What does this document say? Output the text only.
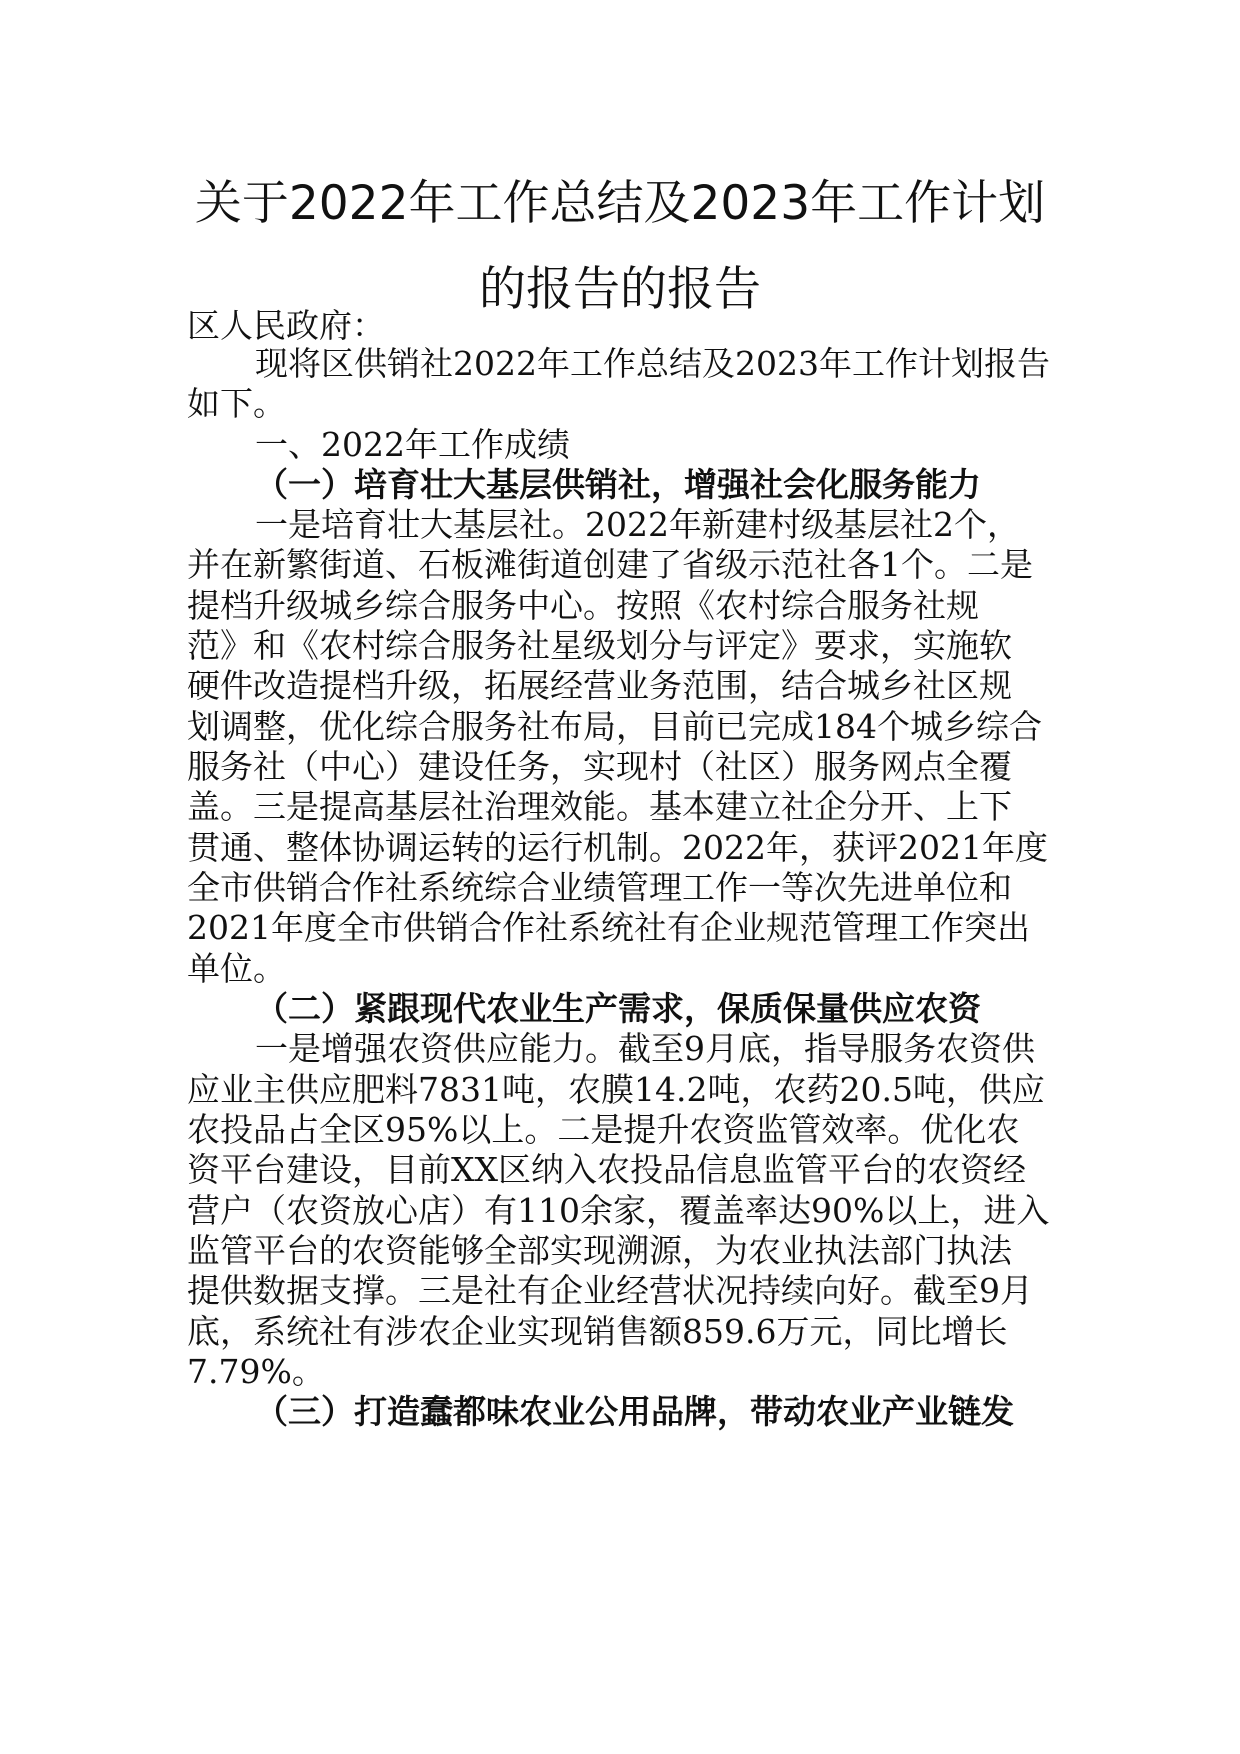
关于2022年工作总结及2023年工作计划
的报告的报告
区人民政府：
现将区供销社2022年工作总结及2023年工作计划报告
如下。
一、2022年工作成绩
（一）培育壮大基层供销社，增强社会化服务能力
一是培育壮大基层社。2022年新建村级基层社2个，
并在新繁街道、石板滩街道创建了省级示范社各1个。二是
提档升级城乡综合服务中心。按照《农村综合服务社规
范》和《农村综合服务社星级划分与评定》要求，实施软
硬件改造提档升级，拓展经营业务范围，结合城乡社区规
划调整，优化综合服务社布局，目前已完成184个城乡综合
服务社（中心）建设任务，实现村（社区）服务网点全覆
盖。三是提高基层社治理效能。基本建立社企分开、上下
贯通、整体协调运转的运行机制。2022年，获评2021年度
全市供销合作社系统综合业绩管理工作一等次先进单位和
2021年度全市供销合作社系统社有企业规范管理工作突出
单位。
（二）紧跟现代农业生产需求，保质保量供应农资
一是增强农资供应能力。截至9月底，指导服务农资供
应业主供应肥料7831吨，农膜14.2吨，农药20.5吨，供应
农投品占全区95%以上。二是提升农资监管效率。优化农
资平台建设，目前XX区纳入农投品信息监管平台的农资经
营户（农资放心店）有110余家，覆盖率达90%以上，进入
监管平台的农资能够全部实现溯源，为农业执法部门执法
提供数据支撑。三是社有企业经营状况持续向好。截至9月
底，系统社有涉农企业实现销售额859.6万元，同比增长
7.79%。
（三）打造蠢都味农业公用品牌，带动农业产业链发
